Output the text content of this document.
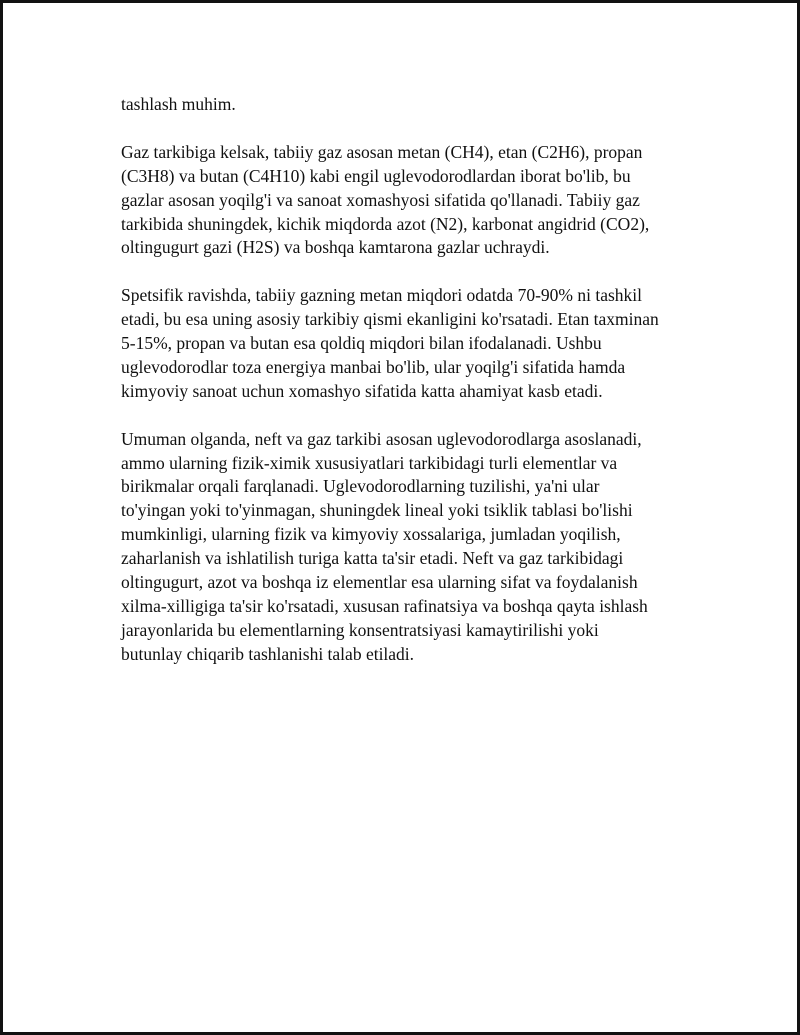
tashlash muhim.

Gaz tarkibiga kelsak, tabiiy gaz asosan metan (CH4), etan (C2H6), propan
(C3H8) va butan (C4H10) kabi engil uglevodorodlardan iborat bo'lib, bu
gazlar asosan yoqilg'i va sanoat xomashyosi sifatida qo'llanadi. Tabiiy gaz
tarkibida shuningdek, kichik miqdorda azot (N2), karbonat angidrid (CO2),
oltingugurt gazi (H2S) va boshqa kamtarona gazlar uchraydi.

Spetsifik ravishda, tabiiy gazning metan miqdori odatda 70-90% ni tashkil
etadi, bu esa uning asosiy tarkibiy qismi ekanligini ko'rsatadi. Etan taxminan
5-15%, propan va butan esa qoldiq miqdori bilan ifodalanadi. Ushbu
uglevodorodlar toza energiya manbai bo'lib, ular yoqilg'i sifatida hamda
kimyoviy sanoat uchun xomashyo sifatida katta ahamiyat kasb etadi.

Umuman olganda, neft va gaz tarkibi asosan uglevodorodlarga asoslanadi,
ammo ularning fizik-ximik xususiyatlari tarkibidagi turli elementlar va
birikmalar orqali farqlanadi. Uglevodorodlarning tuzilishi, ya'ni ular
to'yingan yoki to'yinmagan, shuningdek lineal yoki tsiklik tablasi bo'lishi
mumkinligi, ularning fizik va kimyoviy xossalariga, jumladan yoqilish,
zaharlanish va ishlatilish turiga katta ta'sir etadi. Neft va gaz tarkibidagi
oltingugurt, azot va boshqa iz elementlar esa ularning sifat va foydalanish
xilma-xilligiga ta'sir ko'rsatadi, xususan rafinatsiya va boshqa qayta ishlash
jarayonlarida bu elementlarning konsentratsiyasi kamaytirilishi yoki
butunlay chiqarib tashlanishi talab etiladi.
